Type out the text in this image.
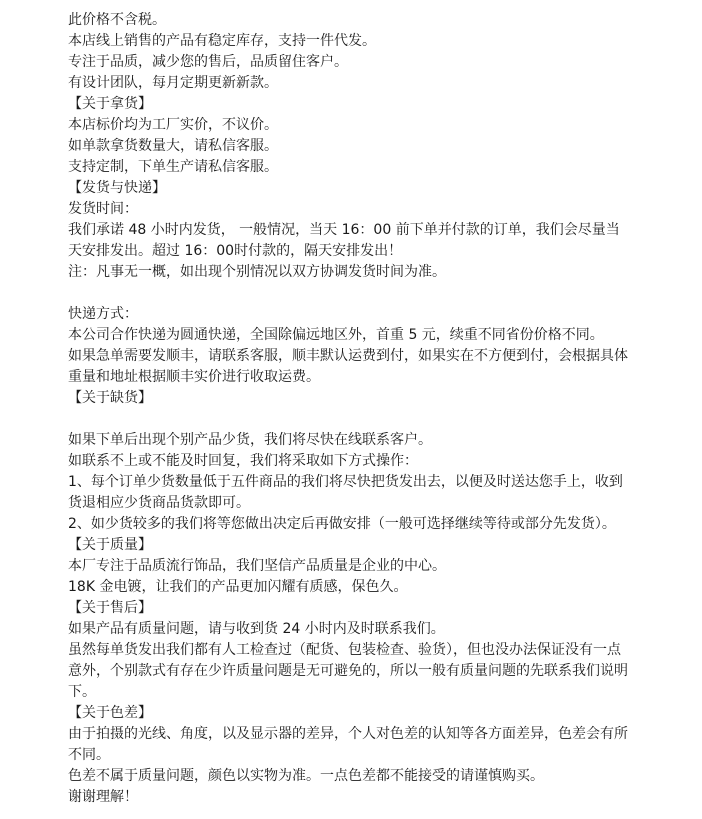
此价格不含税。
本店线上销售的产品有稳定库存，支持一件代发。
专注于品质，减少您的售后，品质留住客户。
有设计团队，每月定期更新新款。
【关于拿货】
本店标价均为工厂实价，不议价。
如单款拿货数量大，请私信客服。
支持定制，下单生产请私信客服。
【发货与快递】
发货时间：
我们承诺 48 小时内发货， 一般情况，当天 16：00 前下单并付款的订单，我们会尽量当天安排发出。超过 16：00时付款的，隔天安排发出！
注：凡事无一概，如出现个别情况以双方协调发货时间为准。
快递方式：
本公司合作快递为圆通快递，全国除偏远地区外，首重 5 元，续重不同省份价格不同。
如果急单需要发顺丰，请联系客服，顺丰默认运费到付，如果实在不方便到付，会根据具体重量和地址根据顺丰实价进行收取运费。
【关于缺货】
如果下单后出现个别产品少货，我们将尽快在线联系客户。
如联系不上或不能及时回复，我们将采取如下方式操作：
1、每个订单少货数量低于五件商品的我们将尽快把货发出去，以便及时送达您手上，收到货退相应少货商品货款即可。
2、如少货较多的我们将等您做出决定后再做安排（一般可选择继续等待或部分先发货）。
【关于质量】
本厂专注于品质流行饰品，我们坚信产品质量是企业的中心。
18K 金电镀，让我们的产品更加闪耀有质感，保色久。
【关于售后】
如果产品有质量问题，请与收到货 24 小时内及时联系我们。
虽然每单货发出我们都有人工检查过（配货、包装检查、验货），但也没办法保证没有一点意外，个别款式有存在少许质量问题是无可避免的，所以一般有质量问题的先联系我们说明下。
【关于色差】
由于拍摄的光线、角度，以及显示器的差异，个人对色差的认知等各方面差异，色差会有所不同。
色差不属于质量问题，颜色以实物为准。一点色差都不能接受的请谨慎购买。
谢谢理解！
